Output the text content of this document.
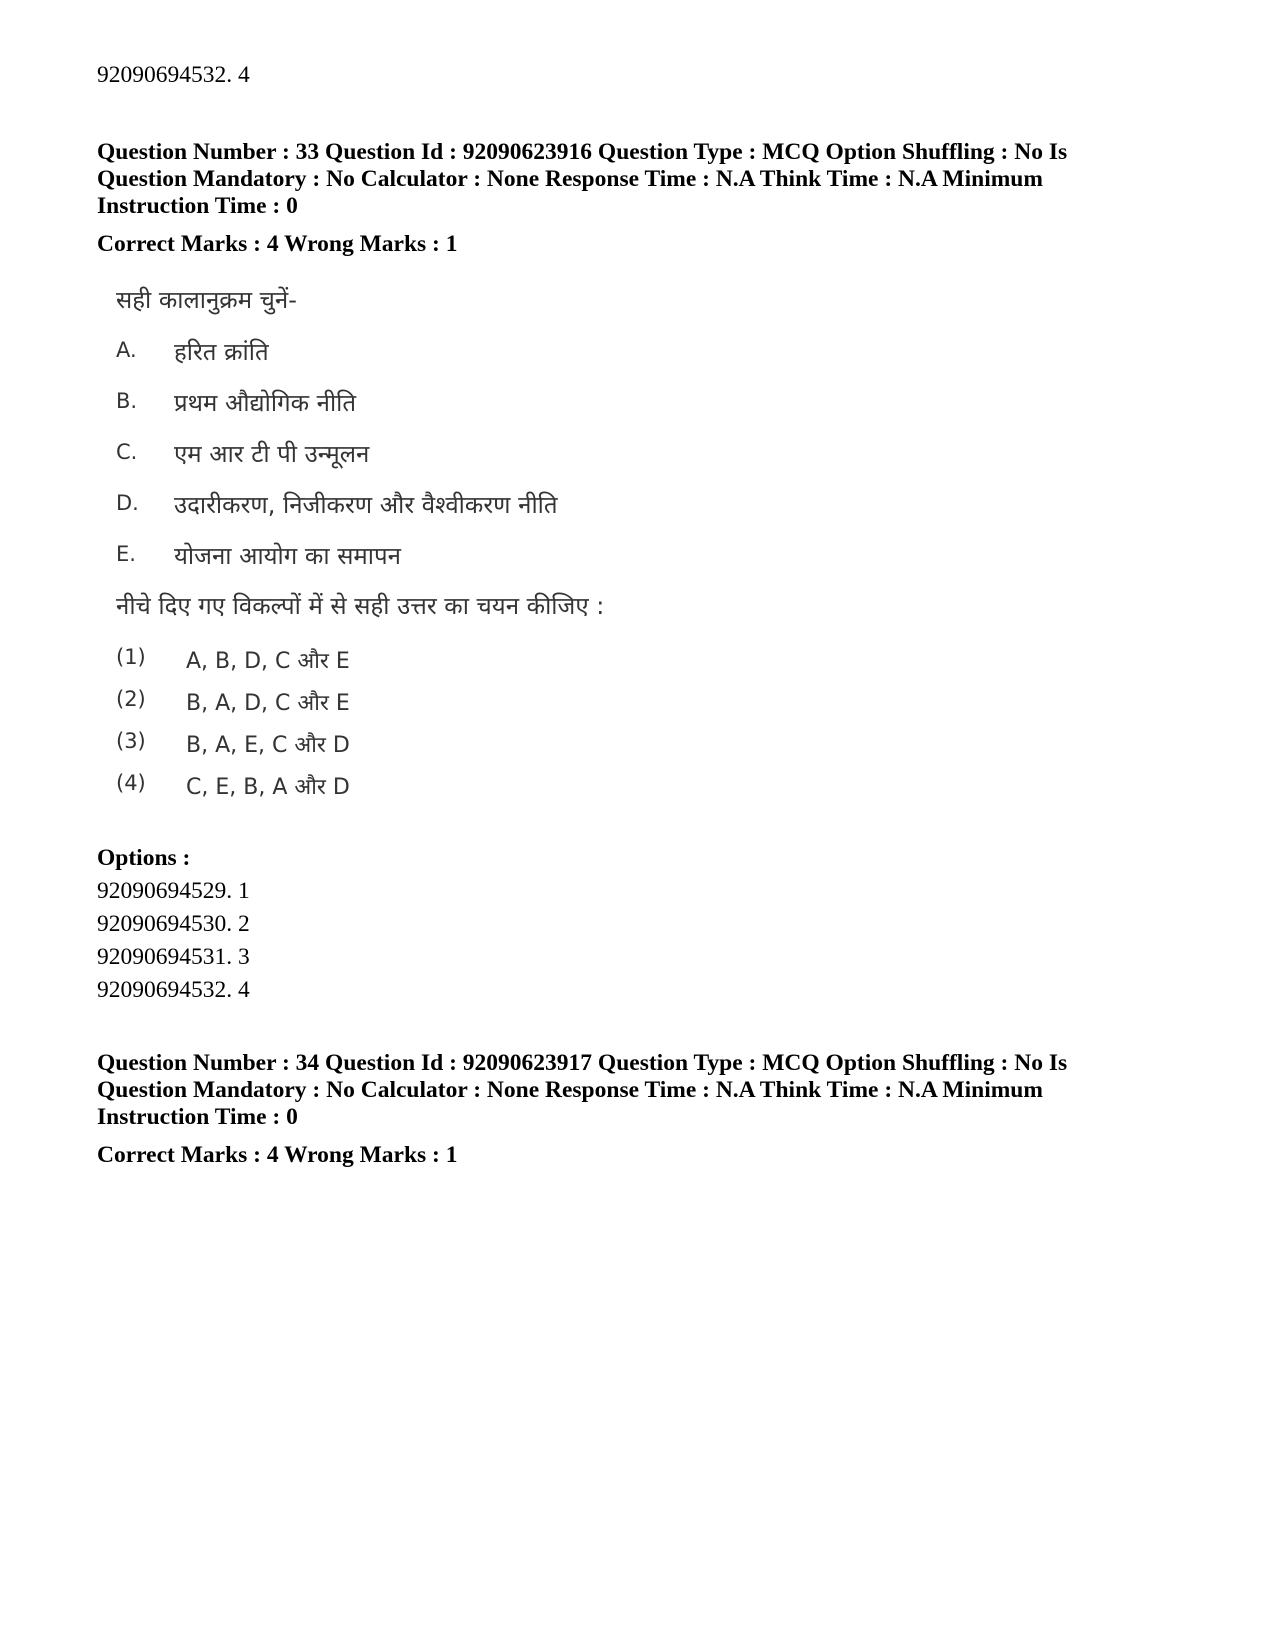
92090694532. 4
Question Number : 33 Question Id : 92090623916 Question Type : MCQ Option Shuffling : No Is
Question Mandatory : No Calculator : None Response Time : N.A Think Time : N.A Minimum
Instruction Time : 0
Correct Marks : 4 Wrong Marks : 1
सही कालानुक्रम चुनें-
A. हरित क्रांति
B. प्रथम औद्योगिक नीति
C. एम आर टी पी उन्मूलन
D. उदारीकरण, निजीकरण और वैश्वीकरण नीति
E. योजना आयोग का समापन
नीचे दिए गए विकल्पों में से सही उत्तर का चयन कीजिए :
(1) A, B, D, C और E
(2) B, A, D, C और E
(3) B, A, E, C और D
(4) C, E, B, A और D
Options :
92090694529. 1
92090694530. 2
92090694531. 3
92090694532. 4
Question Number : 34 Question Id : 92090623917 Question Type : MCQ Option Shuffling : No Is
Question Mandatory : No Calculator : None Response Time : N.A Think Time : N.A Minimum
Instruction Time : 0
Correct Marks : 4 Wrong Marks : 1
